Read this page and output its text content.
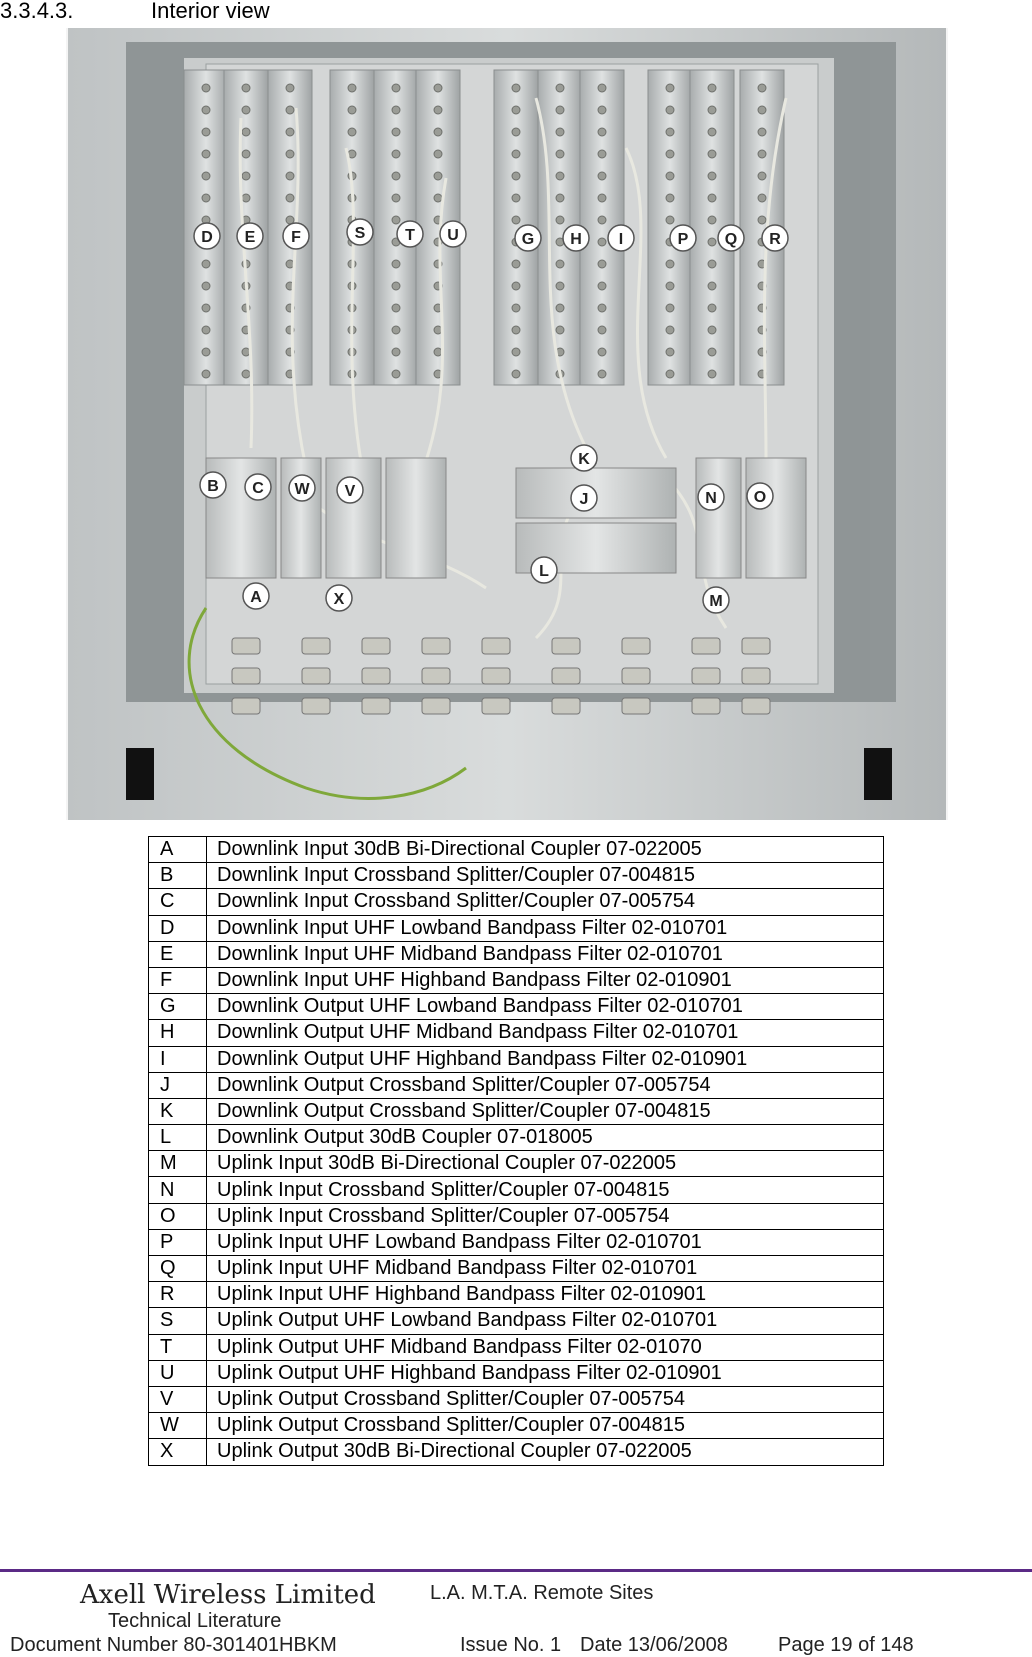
3.3.4.3.	Interior view
D E F	S T U	G H I	P Q R
K
J
B C W V	N O
L
A	X	M
A	Downlink Input 30dB Bi-Directional Coupler 07-022005
B	Downlink Input Crossband Splitter/Coupler 07-004815
C	Downlink Input Crossband Splitter/Coupler 07-005754
D	Downlink Input UHF Lowband Bandpass Filter 02-010701
E	Downlink Input UHF Midband Bandpass Filter 02-010701
F	Downlink Input UHF Highband Bandpass Filter 02-010901
G	Downlink Output UHF Lowband Bandpass Filter 02-010701
H	Downlink Output UHF Midband Bandpass Filter 02-010701
I	Downlink Output UHF Highband Bandpass Filter 02-010901
J	Downlink Output Crossband Splitter/Coupler 07-005754
K	Downlink Output Crossband Splitter/Coupler 07-004815
L	Downlink Output 30dB Coupler 07-018005
M	Uplink Input 30dB Bi-Directional Coupler 07-022005
N	Uplink Input Crossband Splitter/Coupler 07-004815
O	Uplink Input Crossband Splitter/Coupler 07-005754
P	Uplink Input UHF Lowband Bandpass Filter 02-010701
Q	Uplink Input UHF Midband Bandpass Filter 02-010701
R	Uplink Input UHF Highband Bandpass Filter 02-010901
S	Uplink Output UHF Lowband Bandpass Filter 02-010701
T	Uplink Output UHF Midband Bandpass Filter 02-01070
U	Uplink Output UHF Highband Bandpass Filter 02-010901
V	Uplink Output Crossband Splitter/Coupler 07-005754
W	Uplink Output Crossband Splitter/Coupler 07-004815
X	Uplink Output 30dB Bi-Directional Coupler 07-022005
Axell Wireless Limited	L.A. M.T.A. Remote Sites
Technical Literature
Document Number 80-301401HBKM	Issue No. 1 Date 13/06/2008	Page 19 of 148
